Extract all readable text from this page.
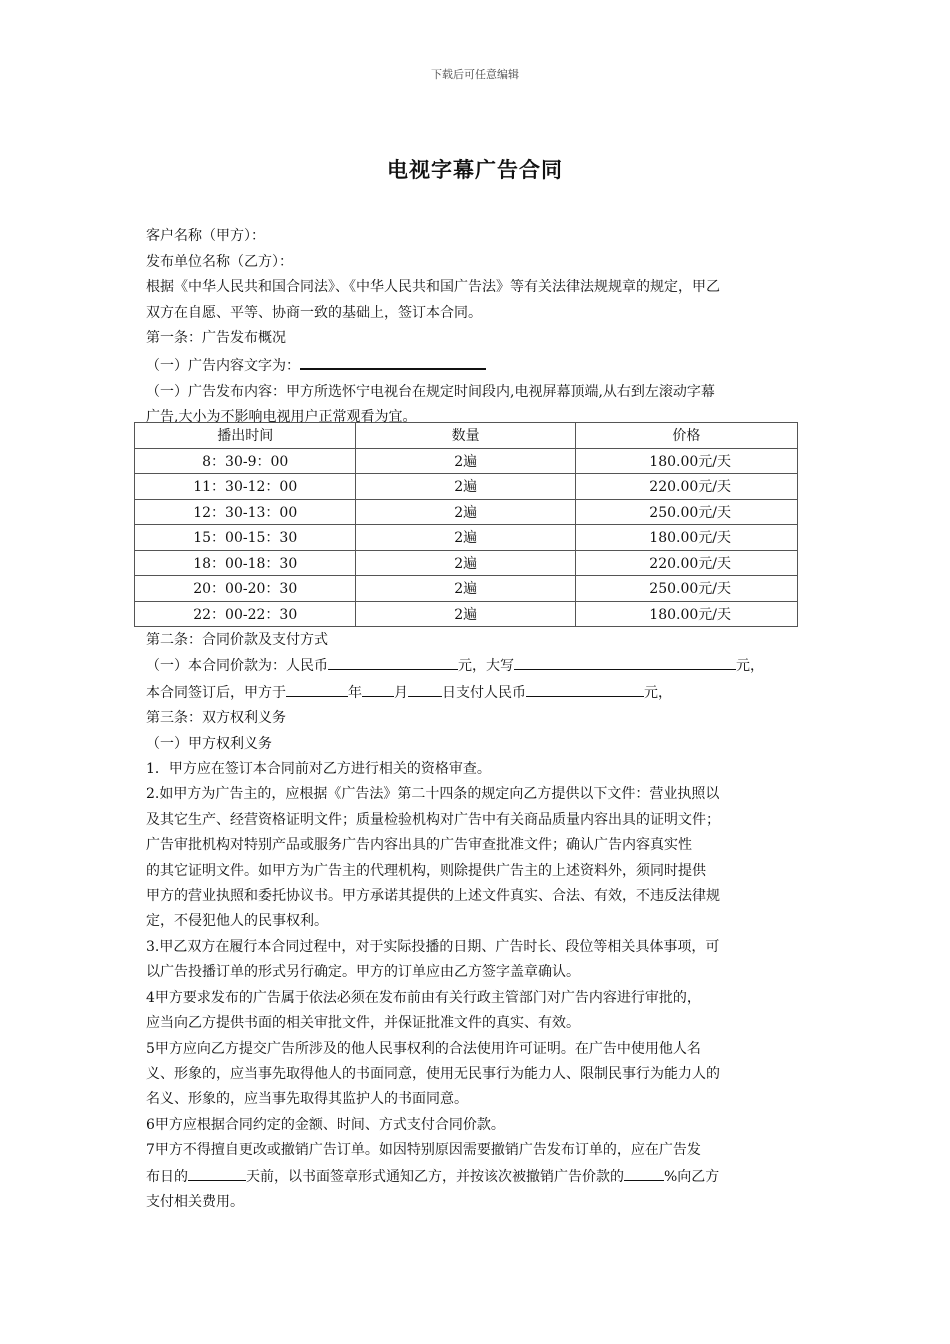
下载后可任意编辑
电视字幕广告合同

客户名称（甲方）：

发布单位名称（乙方）：

根据《中华人民共和国合同法》、《中华人民共和国广告法》等有关法律法规规章的规定，甲乙

双方在自愿、平等、协商一致的基础上，签订本合同。

第一条：广告发布概况

（一）广告内容文字为：

（一）广告发布内容：甲方所选怀宁电视台在规定时间段内,电视屏幕顶端,从右到左滚动字幕

广告,大小为不影响电视用户正常观看为宜。

播出时间	数量	价格
8：30-9：00	2遍	180.00元/天
11：30-12：00	2遍	220.00元/天
12：30-13：00	2遍	250.00元/天
15：00-15：30	2遍	180.00元/天
18：00-18：30	2遍	220.00元/天
20：00-20：30	2遍	250.00元/天
22：00-22：30	2遍	180.00元/天

第二条：合同价款及支付方式

（一）本合同价款为：人民币	元，大写	元，

本合同签订后，甲方于	年 月 日支付人民币	元，

第三条：双方权利义务

（一）甲方权利义务

1．甲方应在签订本合同前对乙方进行相关的资格审查。

2.如甲方为广告主的，应根据《广告法》第二十四条的规定向乙方提供以下文件：营业执照以

及其它生产、经营资格证明文件；质量检验机构对广告中有关商品质量内容出具的证明文件；

广告审批机构对特别产品或服务广告内容出具的广告审查批准文件；确认广告内容真实性

的其它证明文件。如甲方为广告主的代理机构，则除提供广告主的上述资料外，须同时提供

甲方的营业执照和委托协议书。甲方承诺其提供的上述文件真实、合法、有效，不违反法律规

定，不侵犯他人的民事权利。

3.甲乙双方在履行本合同过程中，对于实际投播的日期、广告时长、段位等相关具体事项，可

以广告投播订单的形式另行确定。甲方的订单应由乙方签字盖章确认。

4甲方要求发布的广告属于依法必须在发布前由有关行政主管部门对广告内容进行审批的，

应当向乙方提供书面的相关审批文件，并保证批准文件的真实、有效。

5甲方应向乙方提交广告所涉及的他人民事权利的合法使用许可证明。在广告中使用他人名

义、形象的，应当事先取得他人的书面同意，使用无民事行为能力人、限制民事行为能力人的

名义、形象的，应当事先取得其监护人的书面同意。

6甲方应根据合同约定的金额、时间、方式支付合同价款。

7甲方不得擅自更改或撤销广告订单。如因特别原因需要撤销广告发布订单的，应在广告发

布日的	天前，以书面签章形式通知乙方，并按该次被撤销广告价款的	%向乙方

支付相关费用。
